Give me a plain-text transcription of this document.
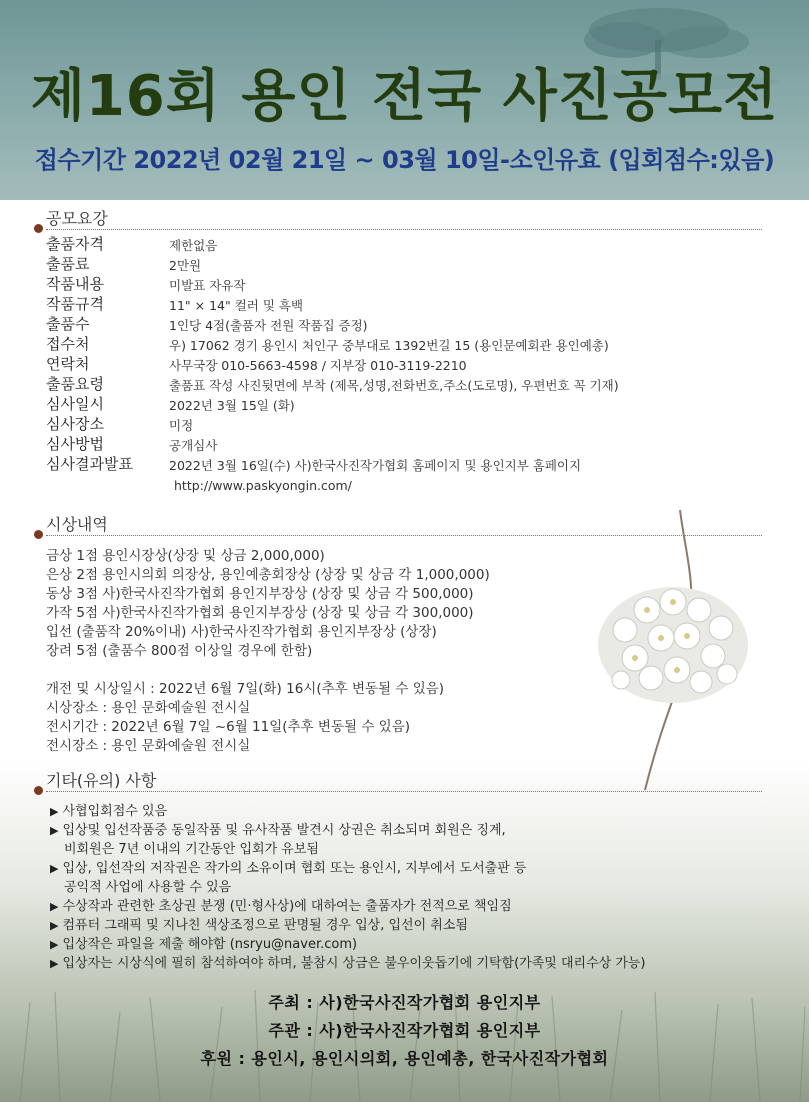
제16회 용인 전국 사진공모전
접수기간 2022년 02월 21일 ~ 03월 10일-소인유효 (입회점수:있음)
공모요강
출품자격	제한없음
출품료	2만원
작품내용	미발표 자유작
작품규격	11" × 14" 컬러 및 흑백
출품수	1인당 4점(출품자 전원 작품집 증정)
접수처	우) 17062 경기 용인시 처인구 중부대로 1392번길 15 (용인문예회관 용인예총)
연락처	사무국장 010-5663-4598 / 지부장 010-3119-2210
출품요령	출품표 작성 사진뒷면에 부착 (제목,성명,전화번호,주소(도로명), 우편번호 꼭 기재)
심사일시	2022년 3월 15일 (화)
심사장소	미정
심사방법	공개심사
심사결과발표	2022년 3월 16일(수) 사)한국사진작가협회 홈페이지 및 용인지부 홈페이지
http://www.paskyongin.com/
시상내역
금상 1점 용인시장상(상장 및 상금 2,000,000)
은상 2점 용인시의회 의장상, 용인예총회장상 (상장 및 상금 각 1,000,000)
동상 3점 사)한국사진작가협회 용인지부장상 (상장 및 상금 각 500,000)
가작 5점 사)한국사진작가협회 용인지부장상 (상장 및 상금 각 300,000)
입선 (출품작 20%이내) 사)한국사진작가협회 용인지부장상 (상장)
장려 5점 (출품수 800점 이상일 경우에 한함)
개전 및 시상일시 : 2022년 6월 7일(화) 16시(추후 변동될 수 있음)
시상장소 : 용인 문화예술원 전시실
전시기간 : 2022년 6월 7일 ~6월 11일(추후 변동될 수 있음)
전시장소 : 용인 문화예술원 전시실
기타(유의) 사항
▶ 사협입회점수 있음
▶ 입상및 입선작품중 동일작품 및 유사작품 발견시 상권은 취소되며 회원은 징계,
비회원은 7년 이내의 기간동안 입회가 유보됨
▶ 입상, 입선작의 저작권은 작가의 소유이며 협회 또는 용인시, 지부에서 도서출판 등
공익적 사업에 사용할 수 있음
▶ 수상작과 관련한 초상권 분쟁 (민·형사상)에 대하여는 출품자가 전적으로 책임짐
▶ 컴퓨터 그래픽 및 지나친 색상조정으로 판명될 경우 입상, 입선이 취소됨
▶ 입상작은 파일을 제출 해야함 (nsryu@naver.com)
▶ 입상자는 시상식에 필히 참석하여야 하며, 불참시 상금은 불우이웃돕기에 기탁함(가족및 대리수상 가능)
주최 : 사)한국사진작가협회 용인지부
주관 : 사)한국사진작가협회 용인지부
후원 : 용인시, 용인시의회, 용인예총, 한국사진작가협회
